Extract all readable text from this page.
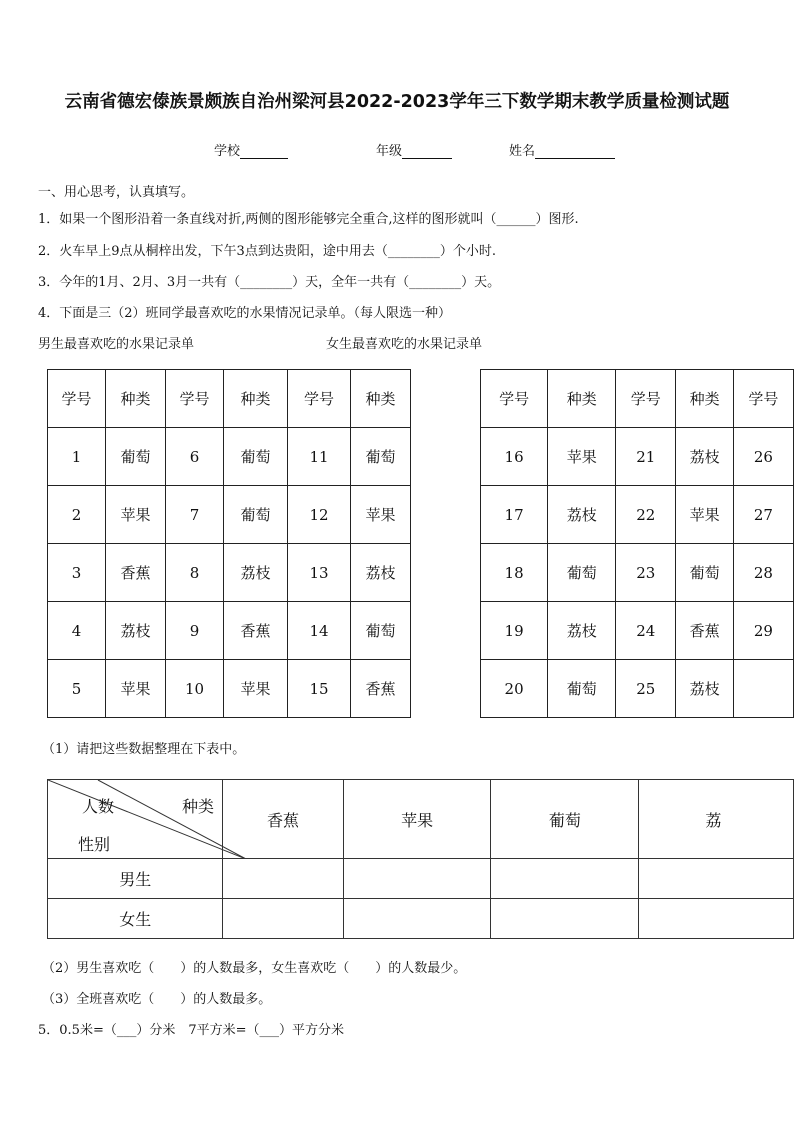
云南省德宏傣族景颇族自治州梁河县2022-2023学年三下数学期末教学质量检测试题
学校	年级	姓名
一、用心思考，认真填写。
1．如果一个图形沿着一条直线对折,两侧的图形能够完全重合,这样的图形就叫（______）图形.
2．火车早上9点从桐梓出发，下午3点到达贵阳，途中用去（________）个小时.
3．今年的1月、2月、3月一共有（________）天，全年一共有（________）天。
4．下面是三（2）班同学最喜欢吃的水果情况记录单。（每人限选一种）
男生最喜欢吃的水果记录单	女生最喜欢吃的水果记录单
学号	种类	学号	种类	学号	种类
1	葡萄	6	葡萄	11	葡萄
2	苹果	7	葡萄	12	苹果
3	香蕉	8	荔枝	13	荔枝
4	荔枝	9	香蕉	14	葡萄
5	苹果	10	苹果	15	香蕉
学号	种类	学号	种类	学号
16	苹果	21	荔枝	26
17	荔枝	22	苹果	27
18	葡萄	23	葡萄	28
19	荔枝	24	香蕉	29
20	葡萄	25	荔枝	
（1）请把这些数据整理在下表中。
人数 种类
性别	香蕉	苹果	葡萄	荔
男生				
女生				
（2）男生喜欢吃（　　）的人数最多，女生喜欢吃（　　）的人数最少。
（3）全班喜欢吃（　　）的人数最多。
5．0.5米=（___）分米　7平方米=（___）平方分米
